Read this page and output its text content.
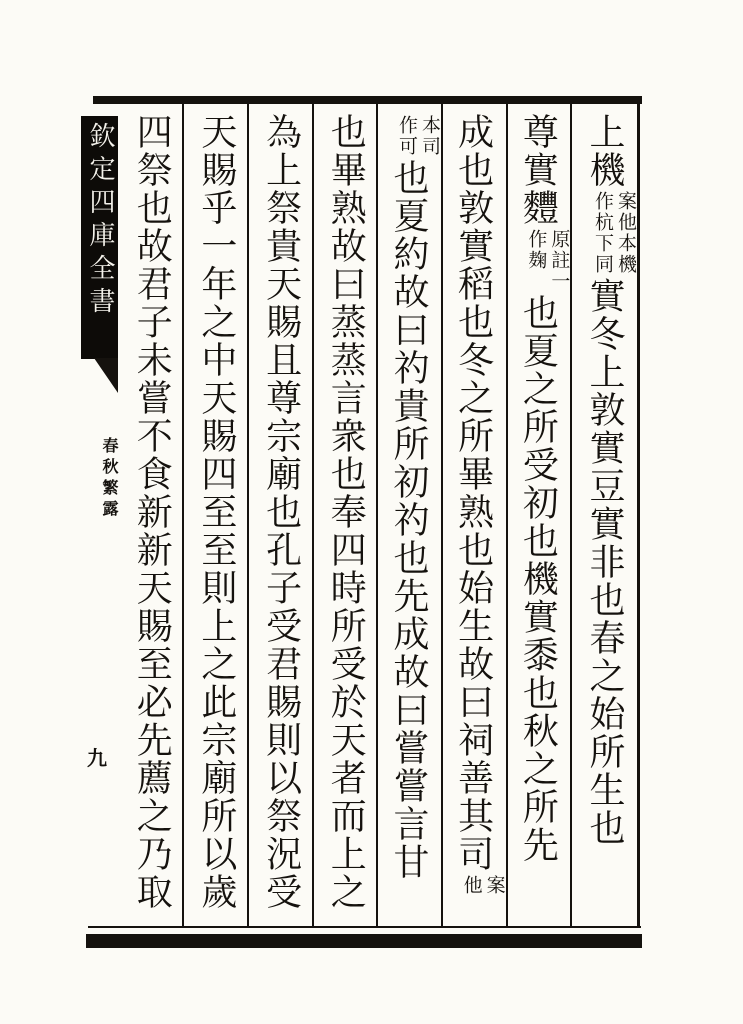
上機
案他本機
作杭下同
實冬上敦實豆實非也春之始所生也
尊實麷
原註一
作麹
也夏之所受初也機實黍也秋之所先
成也敦實稻也冬之所畢熟也始生故曰祠善其司
案
他
本司
作可
也夏約故曰礿貴所初礿也先成故曰嘗嘗言甘
也畢熟故曰蒸蒸言衆也奉四時所受於天者而上之
為上祭貴天賜且尊宗廟也孔子受君賜則以祭況受
天賜乎一年之中天賜四至至則上之此宗廟所以歲
四祭也故君子未嘗不食新新天賜至必先薦之乃取
欽定四庫全書
春秋繁露
九
